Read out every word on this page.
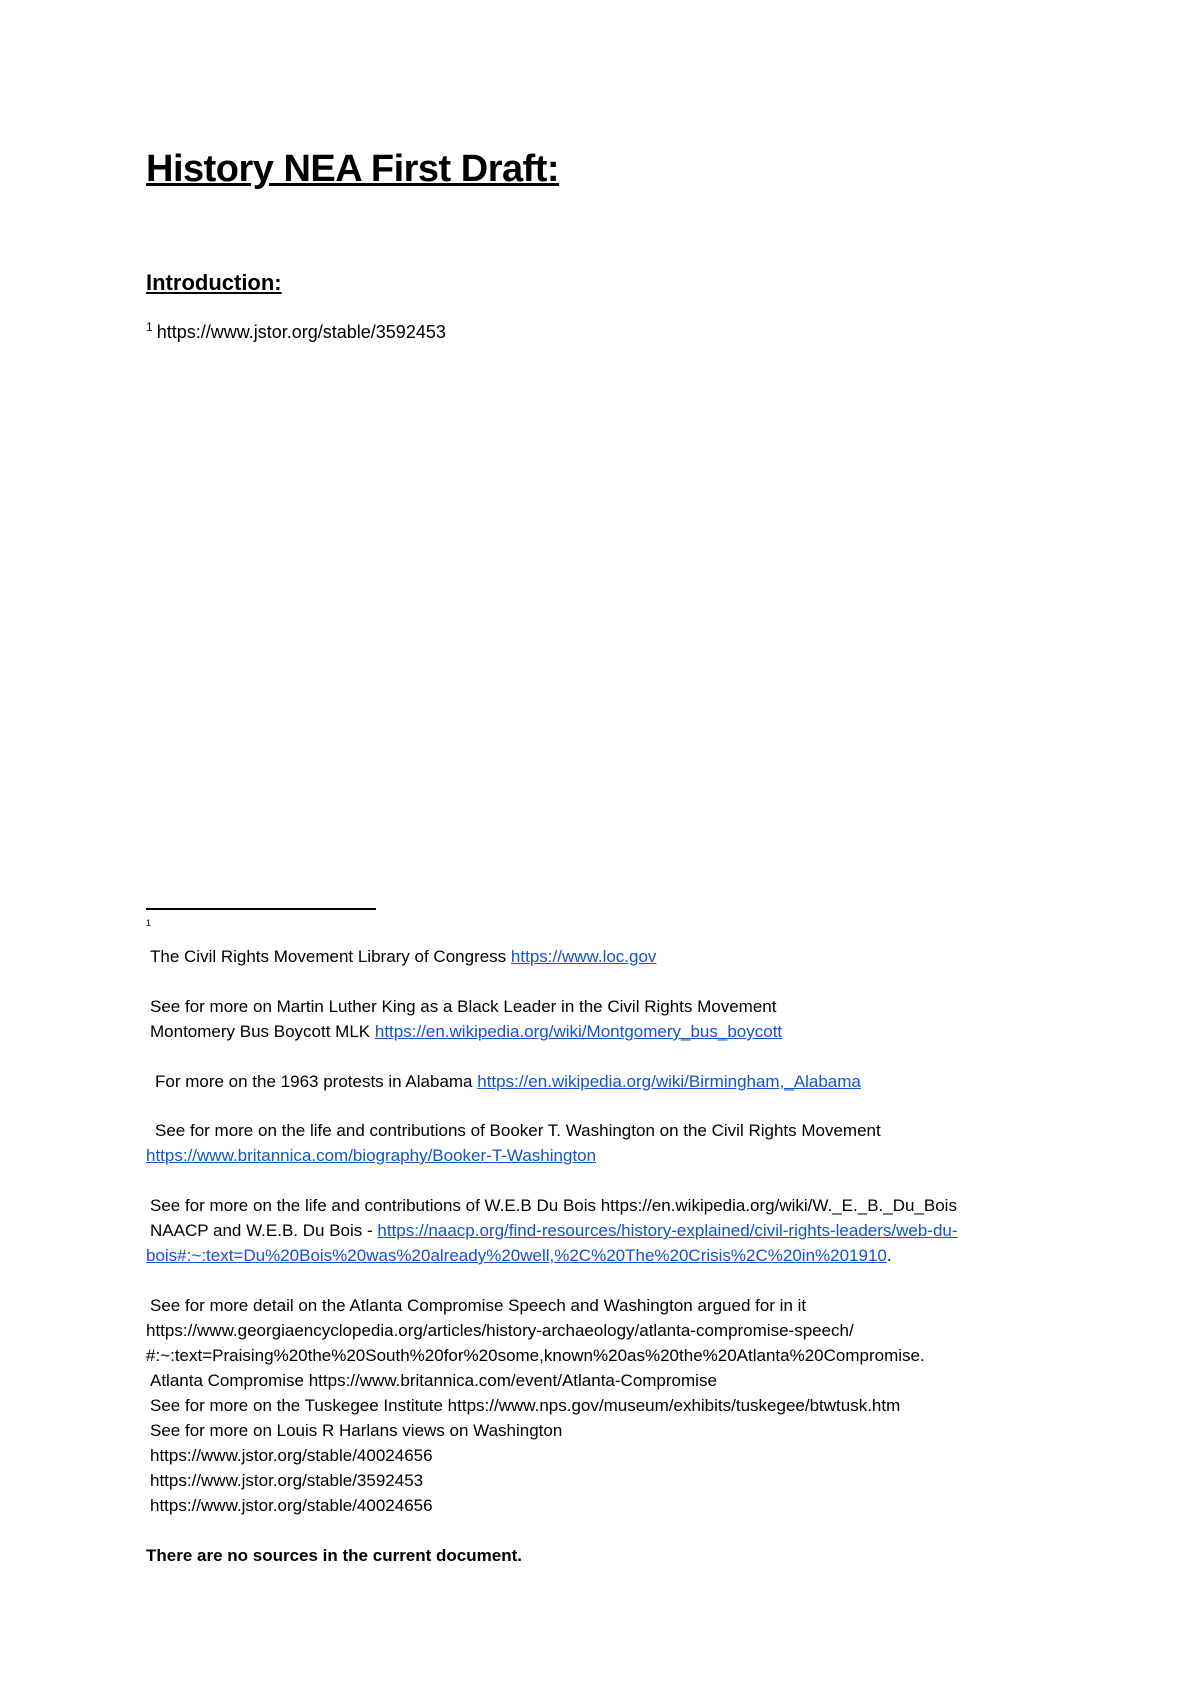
History NEA First Draft:
Introduction:
$^1$ https://www.jstor.org/stable/3592453
1
The Civil Rights Movement Library of Congress https://www.loc.gov
See for more on Martin Luther King as a Black Leader in the Civil Rights Movement
Montomery Bus Boycott MLK https://en.wikipedia.org/wiki/Montgomery_bus_boycott
For more on the 1963 protests in Alabama https://en.wikipedia.org/wiki/Birmingham,_Alabama
See for more on the life and contributions of Booker T. Washington on the Civil Rights Movement
https://www.britannica.com/biography/Booker-T-Washington
See for more on the life and contributions of W.E.B Du Bois https://en.wikipedia.org/wiki/W._E._B._Du_Bois
NAACP and W.E.B. Du Bois - https://naacp.org/find-resources/history-explained/civil-rights-leaders/web-du-
bois#:~:text=Du%20Bois%20was%20already%20well,%2C%20The%20Crisis%2C%20in%201910.
See for more detail on the Atlanta Compromise Speech and Washington argued for in it
https://www.georgiaencyclopedia.org/articles/history-archaeology/atlanta-compromise-speech/
#:~:text=Praising%20the%20South%20for%20some,known%20as%20the%20Atlanta%20Compromise.
Atlanta Compromise https://www.britannica.com/event/Atlanta-Compromise
See for more on the Tuskegee Institute https://www.nps.gov/museum/exhibits/tuskegee/btwtusk.htm
See for more on Louis R Harlans views on Washington
https://www.jstor.org/stable/40024656
https://www.jstor.org/stable/3592453
https://www.jstor.org/stable/40024656
There are no sources in the current document.
